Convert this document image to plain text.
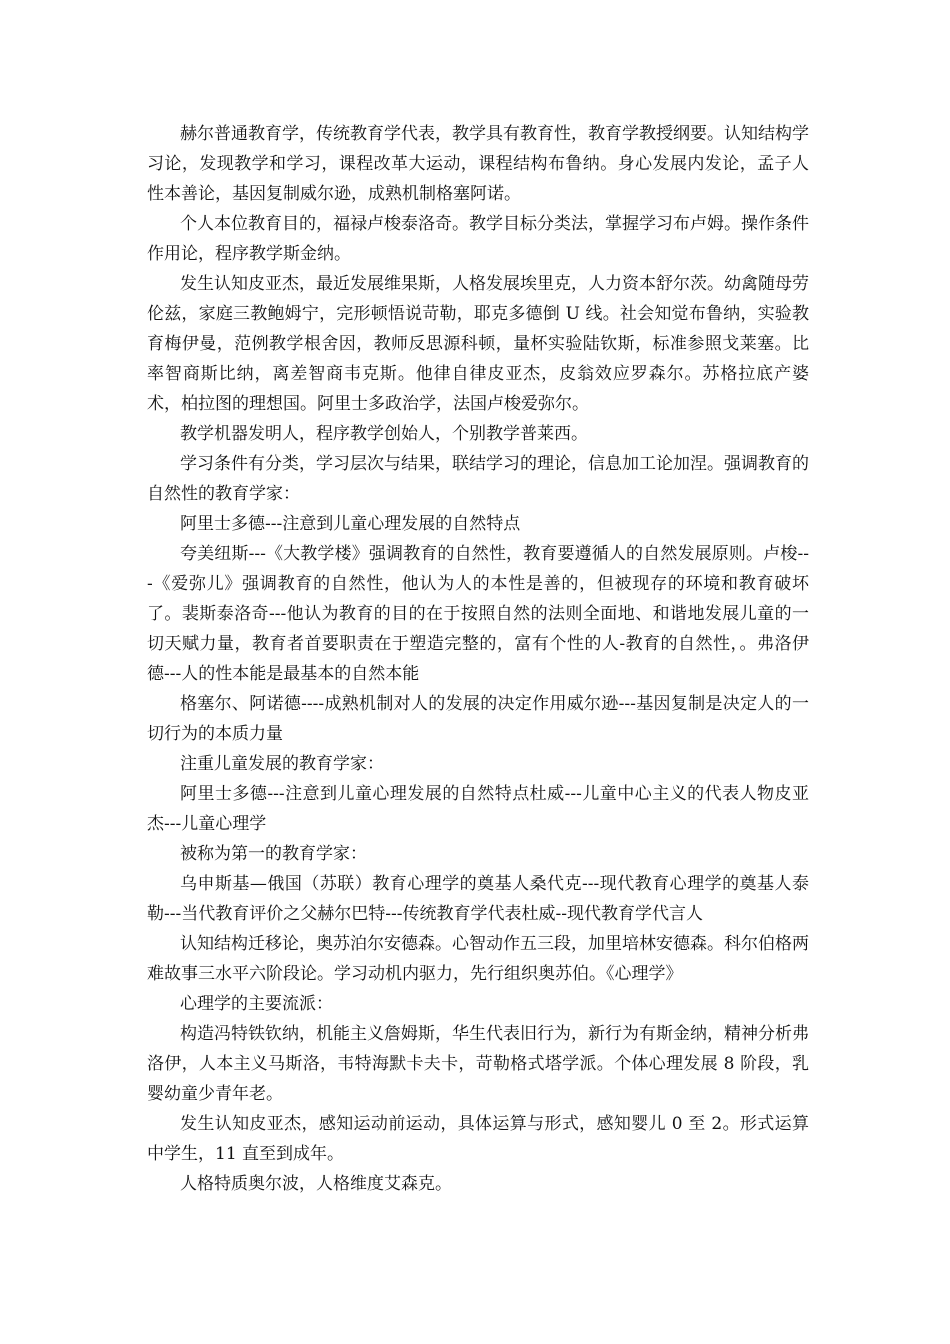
赫尔普通教育学，传统教育学代表，教学具有教育性，教育学教授纲要。认知结构学习论，发现教学和学习，课程改革大运动，课程结构布鲁纳。身心发展内发论，孟子人性本善论，基因复制威尔逊，成熟机制格塞阿诺。

个人本位教育目的，福禄卢梭泰洛奇。教学目标分类法，掌握学习布卢姆。操作条件作用论，程序教学斯金纳。

发生认知皮亚杰，最近发展维果斯，人格发展埃里克，人力资本舒尔茨。幼禽随母劳伦兹，家庭三教鲍姆宁，完形顿悟说苛勒，耶克多德倒 U 线。社会知觉布鲁纳，实验教育梅伊曼，范例教学根舍因，教师反思源科顿，量杯实验陆钦斯，标准参照戈莱塞。比率智商斯比纳，离差智商韦克斯。他律自律皮亚杰，皮翁效应罗森尔。苏格拉底产婆术，柏拉图的理想国。阿里士多政治学，法国卢梭爱弥尔。

教学机器发明人，程序教学创始人，个别教学普莱西。

学习条件有分类，学习层次与结果，联结学习的理论，信息加工论加涅。强调教育的自然性的教育学家：

阿里士多德---注意到儿童心理发展的自然特点

夸美纽斯---《大教学楼》强调教育的自然性，教育要遵循人的自然发展原则。卢梭---《爱弥儿》强调教育的自然性，他认为人的本性是善的，但被现存的环境和教育破坏了。裴斯泰洛奇---他认为教育的目的在于按照自然的法则全面地、和谐地发展儿童的一切天赋力量，教育者首要职责在于塑造完整的，富有个性的人-教育的自然性，。弗洛伊德---人的性本能是最基本的自然本能

格塞尔、阿诺德----成熟机制对人的发展的决定作用威尔逊---基因复制是决定人的一切行为的本质力量

注重儿童发展的教育学家：

阿里士多德---注意到儿童心理发展的自然特点杜威---儿童中心主义的代表人物皮亚杰---儿童心理学

被称为第一的教育学家：

乌申斯基—俄国（苏联）教育心理学的奠基人桑代克---现代教育心理学的奠基人泰勒---当代教育评价之父赫尔巴特---传统教育学代表杜威--现代教育学代言人

认知结构迁移论，奥苏泊尔安德森。心智动作五三段，加里培林安德森。科尔伯格两难故事三水平六阶段论。学习动机内驱力，先行组织奥苏伯。《心理学》

心理学的主要流派：

构造冯特铁钦纳，机能主义詹姆斯，华生代表旧行为，新行为有斯金纳，精神分析弗洛伊，人本主义马斯洛，韦特海默卡夫卡，苛勒格式塔学派。个体心理发展 8 阶段，乳婴幼童少青年老。

发生认知皮亚杰，感知运动前运动，具体运算与形式，感知婴儿 0 至 2。形式运算中学生，11 直至到成年。

人格特质奥尔波，人格维度艾森克。
